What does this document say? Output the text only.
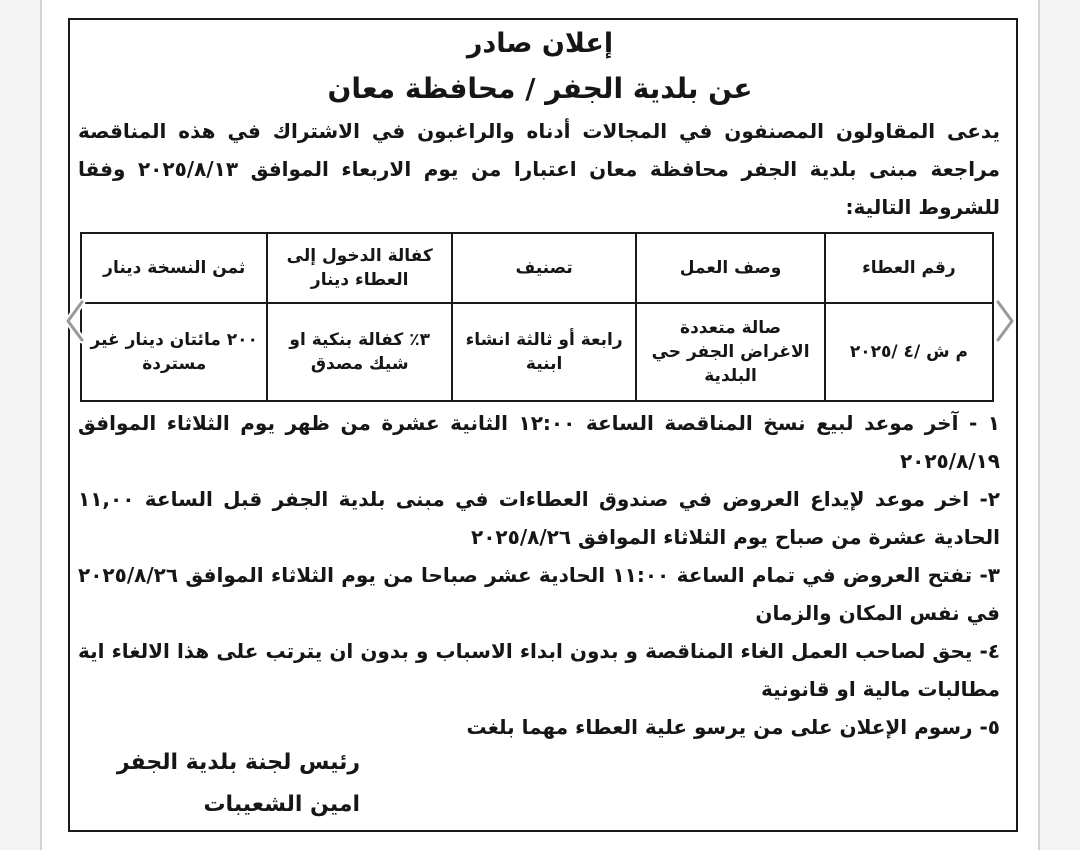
إعلان صادر
عن بلدية الجفر / محافظة معان
يدعى المقاولون المصنفون في المجالات أدناه والراغبون في الاشتراك في هذه المناقصة مراجعة مبنى بلدية الجفر محافظة معان اعتبارا من يوم الاربعاء الموافق ٢٠٢٥/٨/١٣ وفقا للشروط التالية:
رقم العطاء	وصف العمل	تصنيف	كفالة الدخول إلى العطاء دينار	ثمن النسخة دينار
م ش /٤ /٢٠٢٥	صالة متعددة الاغراض الجفر حي البلدية	رابعة أو ثالثة انشاء ابنية	٣٪ كفالة بنكية او شيك مصدق	٢٠٠ مائتان دينار غير مستردة

١ - آخر موعد لبيع نسخ المناقصة الساعة ١٢:٠٠ الثانية عشرة من ظهر يوم الثلاثاء الموافق ٢٠٢٥/٨/١٩

٢- اخر موعد لإيداع العروض في صندوق العطاءات في مبنى بلدية الجفر قبل الساعة ١١,٠٠ الحادية عشرة من صباح يوم الثلاثاء الموافق ٢٠٢٥/٨/٢٦

٣- تفتح العروض في تمام الساعة ١١:٠٠ الحادية عشر صباحا من يوم الثلاثاء الموافق ٢٠٢٥/٨/٢٦ في نفس المكان والزمان

٤- يحق لصاحب العمل الغاء المناقصة و بدون ابداء الاسباب و بدون ان يترتب على هذا الالغاء اية مطالبات مالية او قانونية

٥- رسوم الإعلان على من يرسو علية العطاء مهما بلغت

رئيس لجنة بلدية الجفر
امين الشعيبات
